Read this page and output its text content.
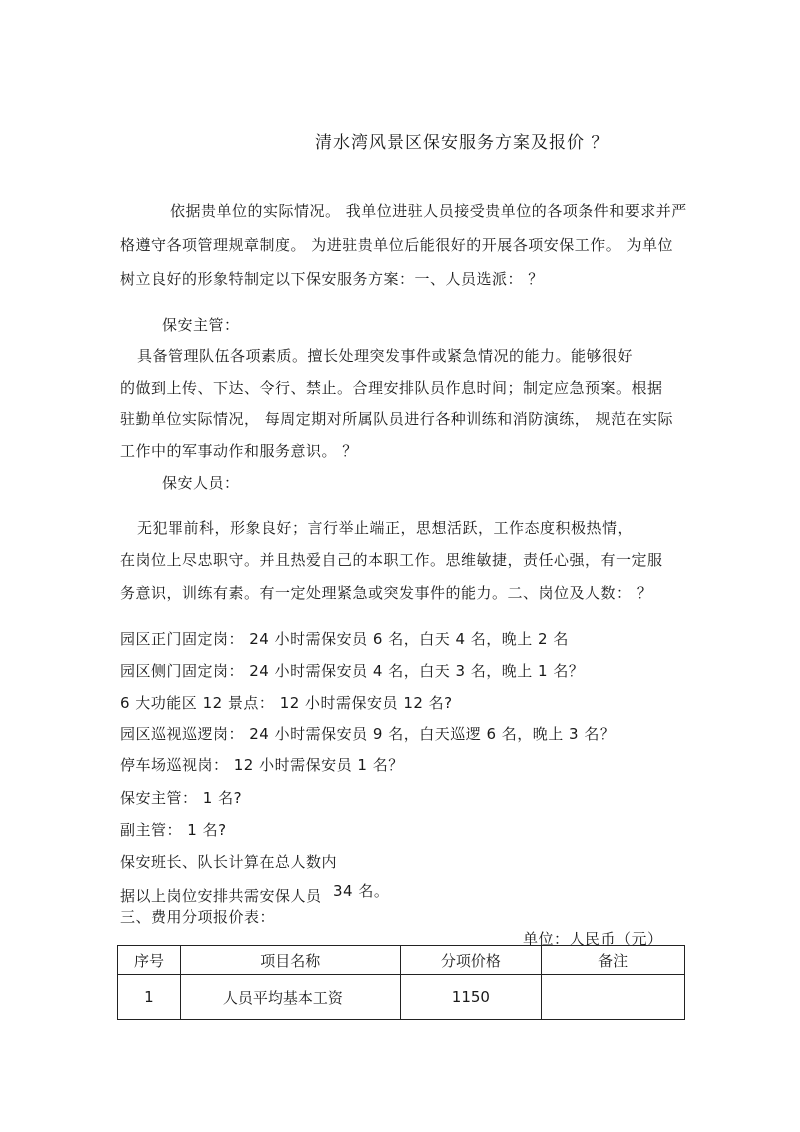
清水湾风景区保安服务方案及报价 ？
依据贵单位的实际情况。 我单位进驻人员接受贵单位的各项条件和要求并严
格遵守各项管理规章制度。 为进驻贵单位后能很好的开展各项安保工作。 为单位
树立良好的形象特制定以下保安服务方案：一、人员选派： ？
保安主管：
具备管理队伍各项素质。擅长处理突发事件或紧急情况的能力。能够很好
的做到上传、下达、令行、禁止。合理安排队员作息时间；制定应急预案。根据
驻勤单位实际情况， 每周定期对所属队员进行各种训练和消防演练， 规范在实际
工作中的军事动作和服务意识。 ？
保安人员：
无犯罪前科，形象良好；言行举止端正，思想活跃，工作态度积极热情，
在岗位上尽忠职守。并且热爱自己的本职工作。思维敏捷，责任心强，有一定服
务意识，训练有素。有一定处理紧急或突发事件的能力。二、岗位及人数： ？
园区正门固定岗： 24 小时需保安员 6 名，白天 4 名，晚上 2 名
园区侧门固定岗： 24 小时需保安员 4 名，白天 3 名，晚上 1 名？
6 大功能区 12 景点： 12 小时需保安员 12 名?
园区巡视巡逻岗： 24 小时需保安员 9 名，白天巡逻 6 名，晚上 3 名？
停车场巡视岗： 12 小时需保安员 1 名？
保安主管： 1 名?
副主管： 1 名?
保安班长、队长计算在总人数内
据以上岗位安排共需安保人员 34 名。
三、费用分项报价表：
单位：人民币（元）
序号	项目名称	分项价格	备注
1	人员平均基本工资	1150	
